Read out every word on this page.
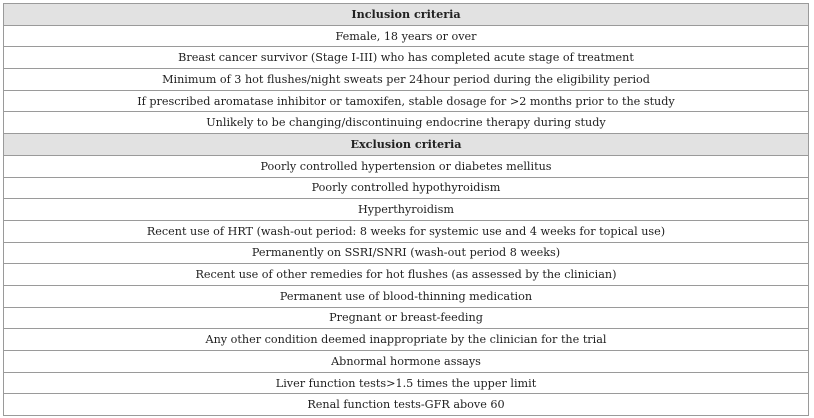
Inclusion criteria
Female, 18 years or over
Breast cancer survivor (Stage I-III) who has completed acute stage of treatment
Minimum of 3 hot flushes/night sweats per 24hour period during the eligibility period
If prescribed aromatase inhibitor or tamoxifen, stable dosage for >2 months prior to the study
Unlikely to be changing/discontinuing endocrine therapy during study
Exclusion criteria
Poorly controlled hypertension or diabetes mellitus
Poorly controlled hypothyroidism
Hyperthyroidism
Recent use of HRT (wash-out period: 8 weeks for systemic use and 4 weeks for topical use)
Permanently on SSRI/SNRI (wash-out period 8 weeks)
Recent use of other remedies for hot flushes (as assessed by the clinician)
Permanent use of blood-thinning medication
Pregnant or breast-feeding
Any other condition deemed inappropriate by the clinician for the trial
Abnormal hormone assays
Liver function tests>1.5 times the upper limit
Renal function tests-GFR above 60
